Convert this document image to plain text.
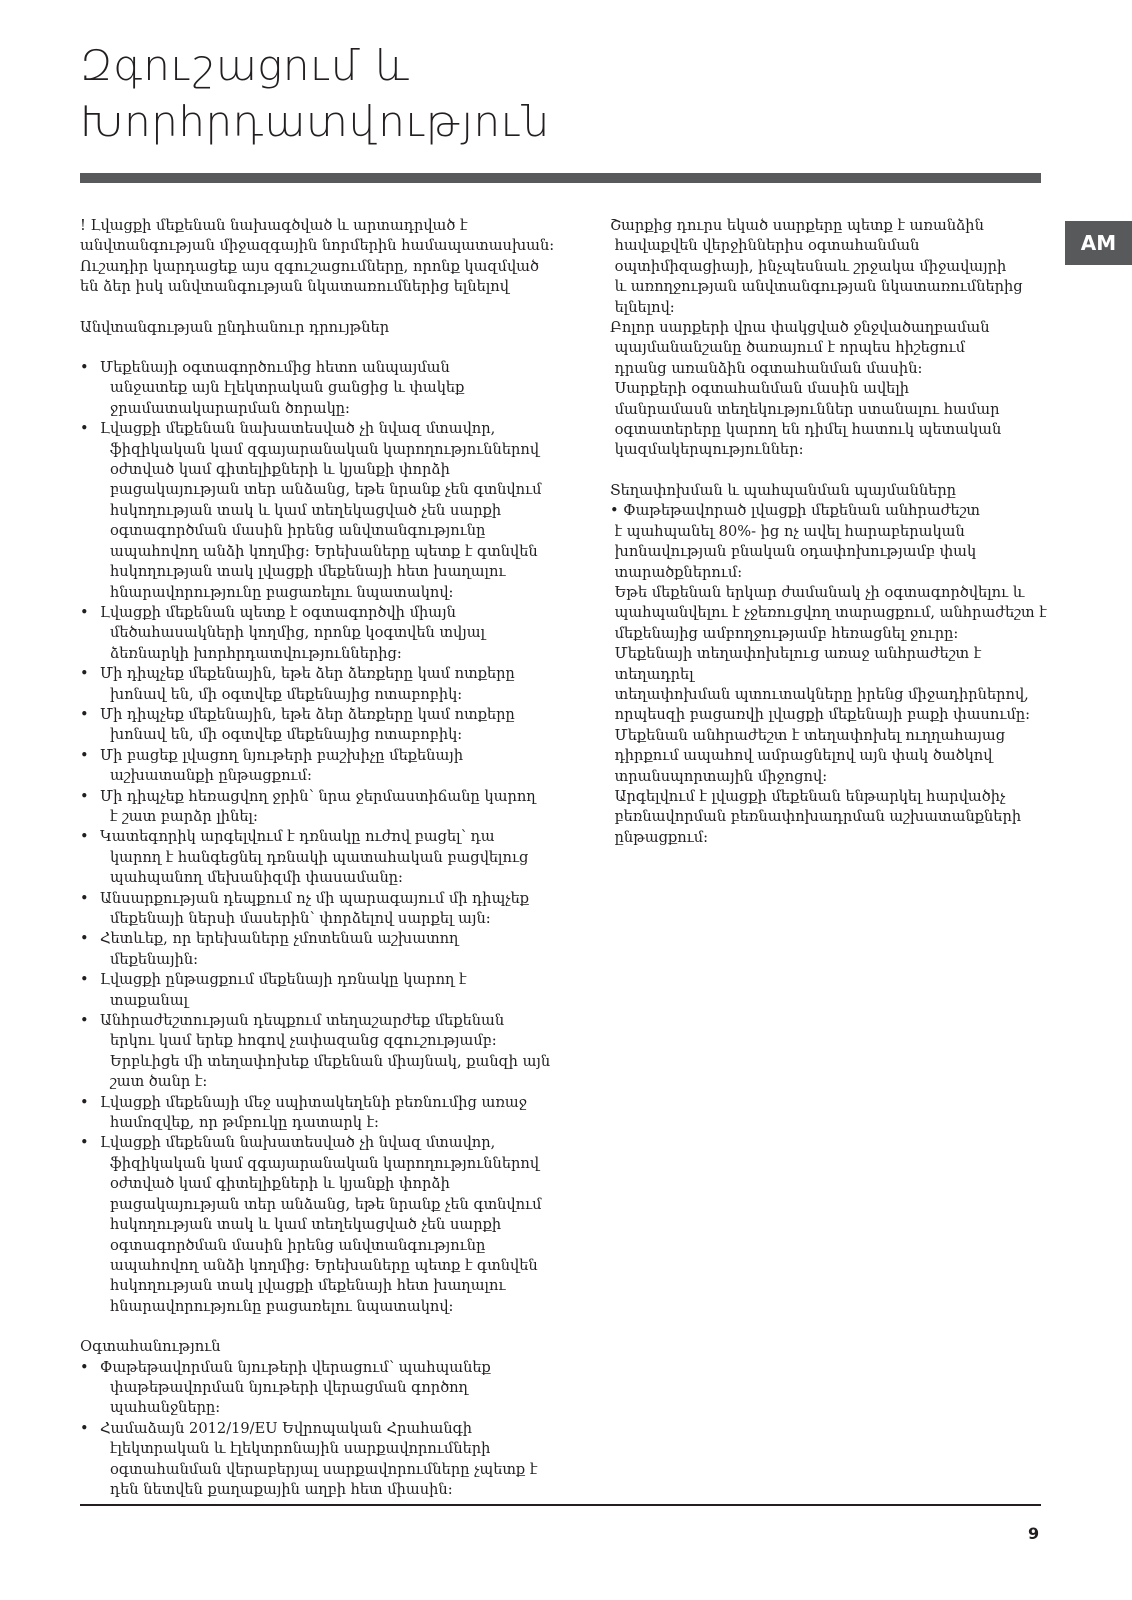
Զգուշացում և
Խորհրդատվություն
AM
! Լվացքի մեքենան նախագծված և արտադրված է
անվտանգության միջազգային նորմերին համապատասխան:
Ուշադիր կարդացեք այս զգուշացումները, որոնք կազմված
են ձեր իսկ անվտանգության նկատառումներից ելնելով
Անվտանգության ընդհանուր դրույթներ
• Մեքենայի օգտագործումից հետո անպայման
անջատեք այն էլեկտրական ցանցից և փակեք
ջրամատակարարման ծորակը:
• Լվացքի մեքենան նախատեսված չի նվազ մտավոր,
ֆիզիկական կամ զգայարանական կարողություններով
օժտված կամ գիտելիքների և կյանքի փորձի
բացակայության տեր անձանց, եթե նրանք չեն գտնվում
հսկողության տակ և կամ տեղեկացված չեն սարքի
օգտագործման մասին իրենց անվտանգությունը
ապահովող անձի կողմից: Երեխաները պետք է գտնվեն
հսկողության տակ լվացքի մեքենայի հետ խաղալու
հնարավորությունը բացառելու նպատակով:
• Լվացքի մեքենան պետք է օգտագործվի միայն
մեծահասակների կողմից, որոնք կօգտվեն տվյալ
ձեռնարկի խորհրդատվություններից:
• Մի դիպչեք մեքենային, եթե ձեր ձեռքերը կամ ոտքերը
խոնավ են, մի օգտվեք մեքենայից ոտաբոբիկ:
• Մի դիպչեք մեքենային, եթե ձեր ձեռքերը կամ ոտքերը
խոնավ են, մի օգտվեք մեքենայից ոտաբոբիկ:
• Մի բացեք լվացող նյութերի բաշխիչը մեքենայի
աշխատանքի ընթացքում:
• Մի դիպչեք հեռացվող ջրին՝ նրա ջերմաստիճանը կարող
է շատ բարձր լինել:
• Կատեգորիկ արգելվում է դռնակը ուժով բացել՝ դա
կարող է հանգեցնել դռնակի պատահական բացվելուց
պահպանող մեխանիզմի փասամանը:
• Անսարքության դեպքում ոչ մի պարագայում մի դիպչեք
մեքենայի ներսի մասերին՝ փորձելով սարքել այն:
• Հետևեք, որ երեխաները չմոտենան աշխատող
մեքենային:
• Լվացքի ընթացքում մեքենայի դռնակը կարող է
տաքանալ
• Անհրաժեշտության դեպքում տեղաշարժեք մեքենան
երկու կամ երեք հոգով չափազանց զգուշությամբ:
Երբևիցե մի տեղափոխեք մեքենան միայնակ, քանզի այն
շատ ծանր է:
• Լվացքի մեքենայի մեջ սպիտակեղենի բեռնումից առաջ
համոզվեք, որ թմբուկը դատարկ է:
• Լվացքի մեքենան նախատեսված չի նվազ մտավոր,
ֆիզիկական կամ զգայարանական կարողություններով
օժտված կամ գիտելիքների և կյանքի փորձի
բացակայության տեր անձանց, եթե նրանք չեն գտնվում
հսկողության տակ և կամ տեղեկացված չեն սարքի
օգտագործման մասին իրենց անվտանգությունը
ապահովող անձի կողմից: Երեխաները պետք է գտնվեն
հսկողության տակ լվացքի մեքենայի հետ խաղալու
հնարավորությունը բացառելու նպատակով:
Օգտահանություն
• Փաթեթավորման նյութերի վերացում՝ պահպանեք
փաթեթավորման նյութերի վերացման գործող
պահանջները:
• Համաձայն 2012/19/EU Եվրոպական Հրահանգի
էլեկտրական և էլեկտրոնային սարքավորումների
օգտահանման վերաբերյալ սարքավորումները չպետք է
դեն նետվեն քաղաքային աղբի հետ միասին:
Շարքից դուրս եկած սարքերը պետք է առանձին
հավաքվեն վերջիններիս օգտահանման
օպտիմիզացիայի, ինչպեսնաև շրջակա միջավայրի
և առողջության անվտանգության նկատառումներից
ելնելով:
Բոլոր սարքերի վրա փակցված ջնջվածաղբաման
պայմանանշանը ծառայում է որպես հիշեցում
դրանց առանձին օգտահանման մասին:
Սարքերի օգտահանման մասին ավելի
մանրամասն տեղեկություններ ստանալու համար
օգտատերերը կարող են դիմել հատուկ պետական
կազմակերպություններ:
Տեղափոխման և պահպանման պայմանները
• Փաթեթավորած լվացքի մեքենան անհրաժեշտ
է պահպանել 80%- ից ոչ ավել հարաբերական
խոնավության բնական օդափոխությամբ փակ
տարածքներում:
Եթե մեքենան երկար ժամանակ չի օգտագործվելու և
պահպանվելու է չջեռուցվող տարացքում, անհրաժեշտ է
մեքենայից ամբողջությամբ հեռացնել ջուրը:
Մեքենայի տեղափոխելուց առաջ անհրաժեշտ է
տեղադրել
տեղափոխման պտուտակները իրենց միջադիրներով,
որպեսզի բացառվի լվացքի մեքենայի բաքի փասումը:
Մեքենան անհրաժեշտ է տեղափոխել ուղղահայաց
դիրքում ապահով ամրացնելով այն փակ ծածկով
տրանսպորտային միջոցով:
Արգելվում է լվացքի մեքենան ենթարկել հարվածիչ
բեռնավորման բեռնափոխադրման աշխատանքների
ընթացքում:
9
